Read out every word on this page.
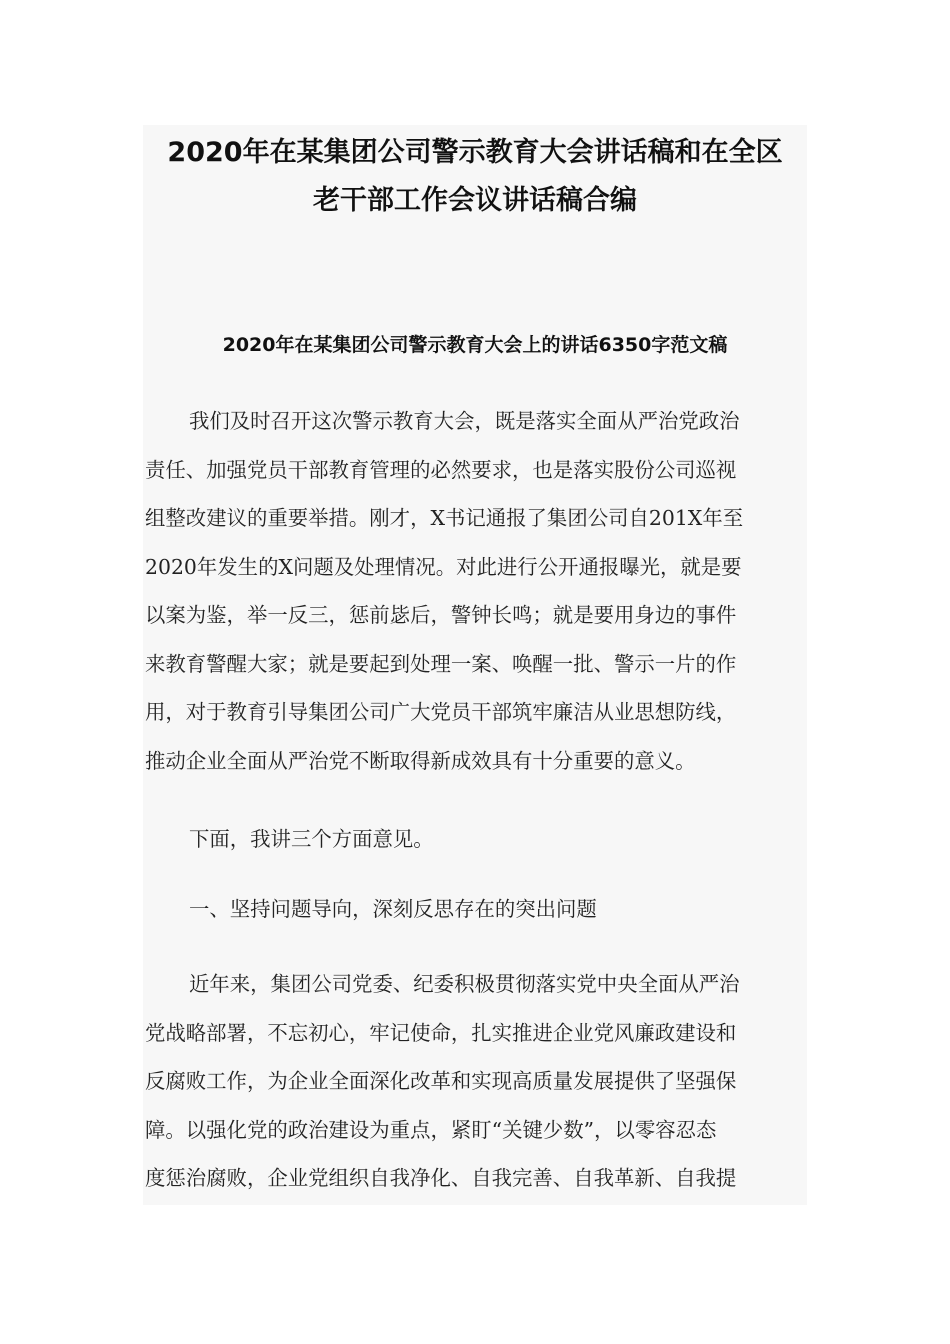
2020年在某集团公司警示教育大会讲话稿和在全区
老干部工作会议讲话稿合编
2020年在某集团公司警示教育大会上的讲话6350字范文稿
我们及时召开这次警示教育大会，既是落实全面从严治党政治
责任、加强党员干部教育管理的必然要求，也是落实股份公司巡视
组整改建议的重要举措。刚才，X书记通报了集团公司自201X年至
2020年发生的X问题及处理情况。对此进行公开通报曝光，就是要
以案为鉴，举一反三，惩前毖后，警钟长鸣；就是要用身边的事件
来教育警醒大家；就是要起到处理一案、唤醒一批、警示一片的作
用，对于教育引导集团公司广大党员干部筑牢廉洁从业思想防线，
推动企业全面从严治党不断取得新成效具有十分重要的意义。
下面，我讲三个方面意见。
一、坚持问题导向，深刻反思存在的突出问题
近年来，集团公司党委、纪委积极贯彻落实党中央全面从严治
党战略部署，不忘初心，牢记使命，扎实推进企业党风廉政建设和
反腐败工作，为企业全面深化改革和实现高质量发展提供了坚强保
障。以强化党的政治建设为重点，紧盯“关键少数”，以零容忍态
度惩治腐败，企业党组织自我净化、自我完善、自我革新、自我提
